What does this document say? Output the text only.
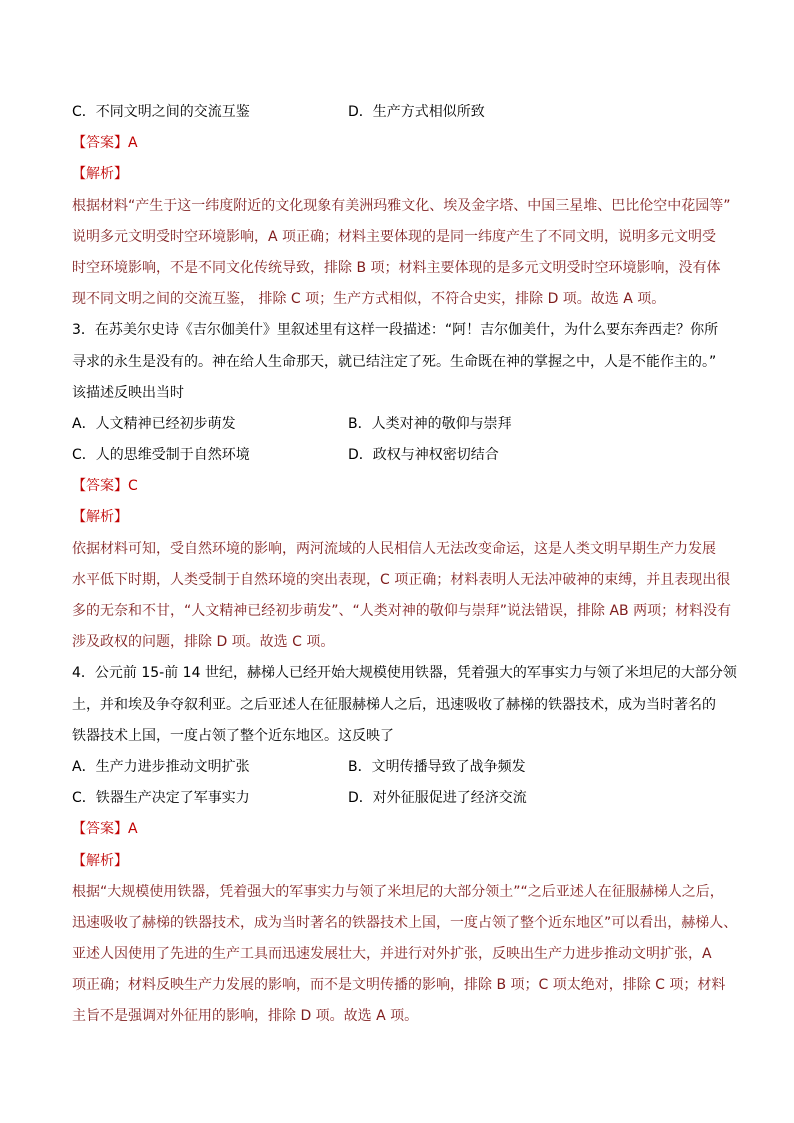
C．不同文明之间的交流互鉴	D．生产方式相似所致
【答案】A
【解析】
根据材料“产生于这一纬度附近的文化现象有美洲玛雅文化、埃及金字塔、中国三星堆、巴比伦空中花园等”
说明多元文明受时空环境影响，A 项正确；材料主要体现的是同一纬度产生了不同文明，说明多元文明受
时空环境影响，不是不同文化传统导致，排除 B 项；材料主要体现的是多元文明受时空环境影响，没有体
现不同文明之间的交流互鉴， 排除 C 项；生产方式相似，不符合史实，排除 D 项。故选 A 项。
3．在苏美尔史诗《吉尔伽美什》里叙述里有这样一段描述：“阿！吉尔伽美什，为什么要东奔西走？你所
寻求的永生是没有的。神在给人生命那天，就已结注定了死。生命既在神的掌握之中，人是不能作主的。”
该描述反映出当时
A．人文精神已经初步萌发	B．人类对神的敬仰与崇拜
C．人的思维受制于自然环境	D．政权与神权密切结合
【答案】C
【解析】
依据材料可知，受自然环境的影响，两河流域的人民相信人无法改变命运，这是人类文明早期生产力发展
水平低下时期，人类受制于自然环境的突出表现，C 项正确；材料表明人无法冲破神的束缚，并且表现出很
多的无奈和不甘，“人文精神已经初步萌发”、“人类对神的敬仰与崇拜”说法错误，排除 AB 两项；材料没有
涉及政权的问题，排除 D 项。故选 C 项。
4．公元前 15-前 14 世纪，赫梯人已经开始大规模使用铁器，凭着强大的军事实力与领了米坦尼的大部分领
土，并和埃及争夺叙利亚。之后亚述人在征服赫梯人之后，迅速吸收了赫梯的铁器技术，成为当时著名的
铁器技术上国，一度占领了整个近东地区。这反映了
A．生产力进步推动文明扩张	B．文明传播导致了战争频发
C．铁器生产决定了军事实力	D．对外征服促进了经济交流
【答案】A
【解析】
根据“大规模使用铁器，凭着强大的军事实力与领了米坦尼的大部分领土”“之后亚述人在征服赫梯人之后，
迅速吸收了赫梯的铁器技术，成为当时著名的铁器技术上国，一度占领了整个近东地区”可以看出，赫梯人、
亚述人因使用了先进的生产工具而迅速发展壮大，并进行对外扩张，反映出生产力进步推动文明扩张，A
项正确；材料反映生产力发展的影响，而不是文明传播的影响，排除 B 项；C 项太绝对，排除 C 项；材料
主旨不是强调对外征用的影响，排除 D 项。故选 A 项。
